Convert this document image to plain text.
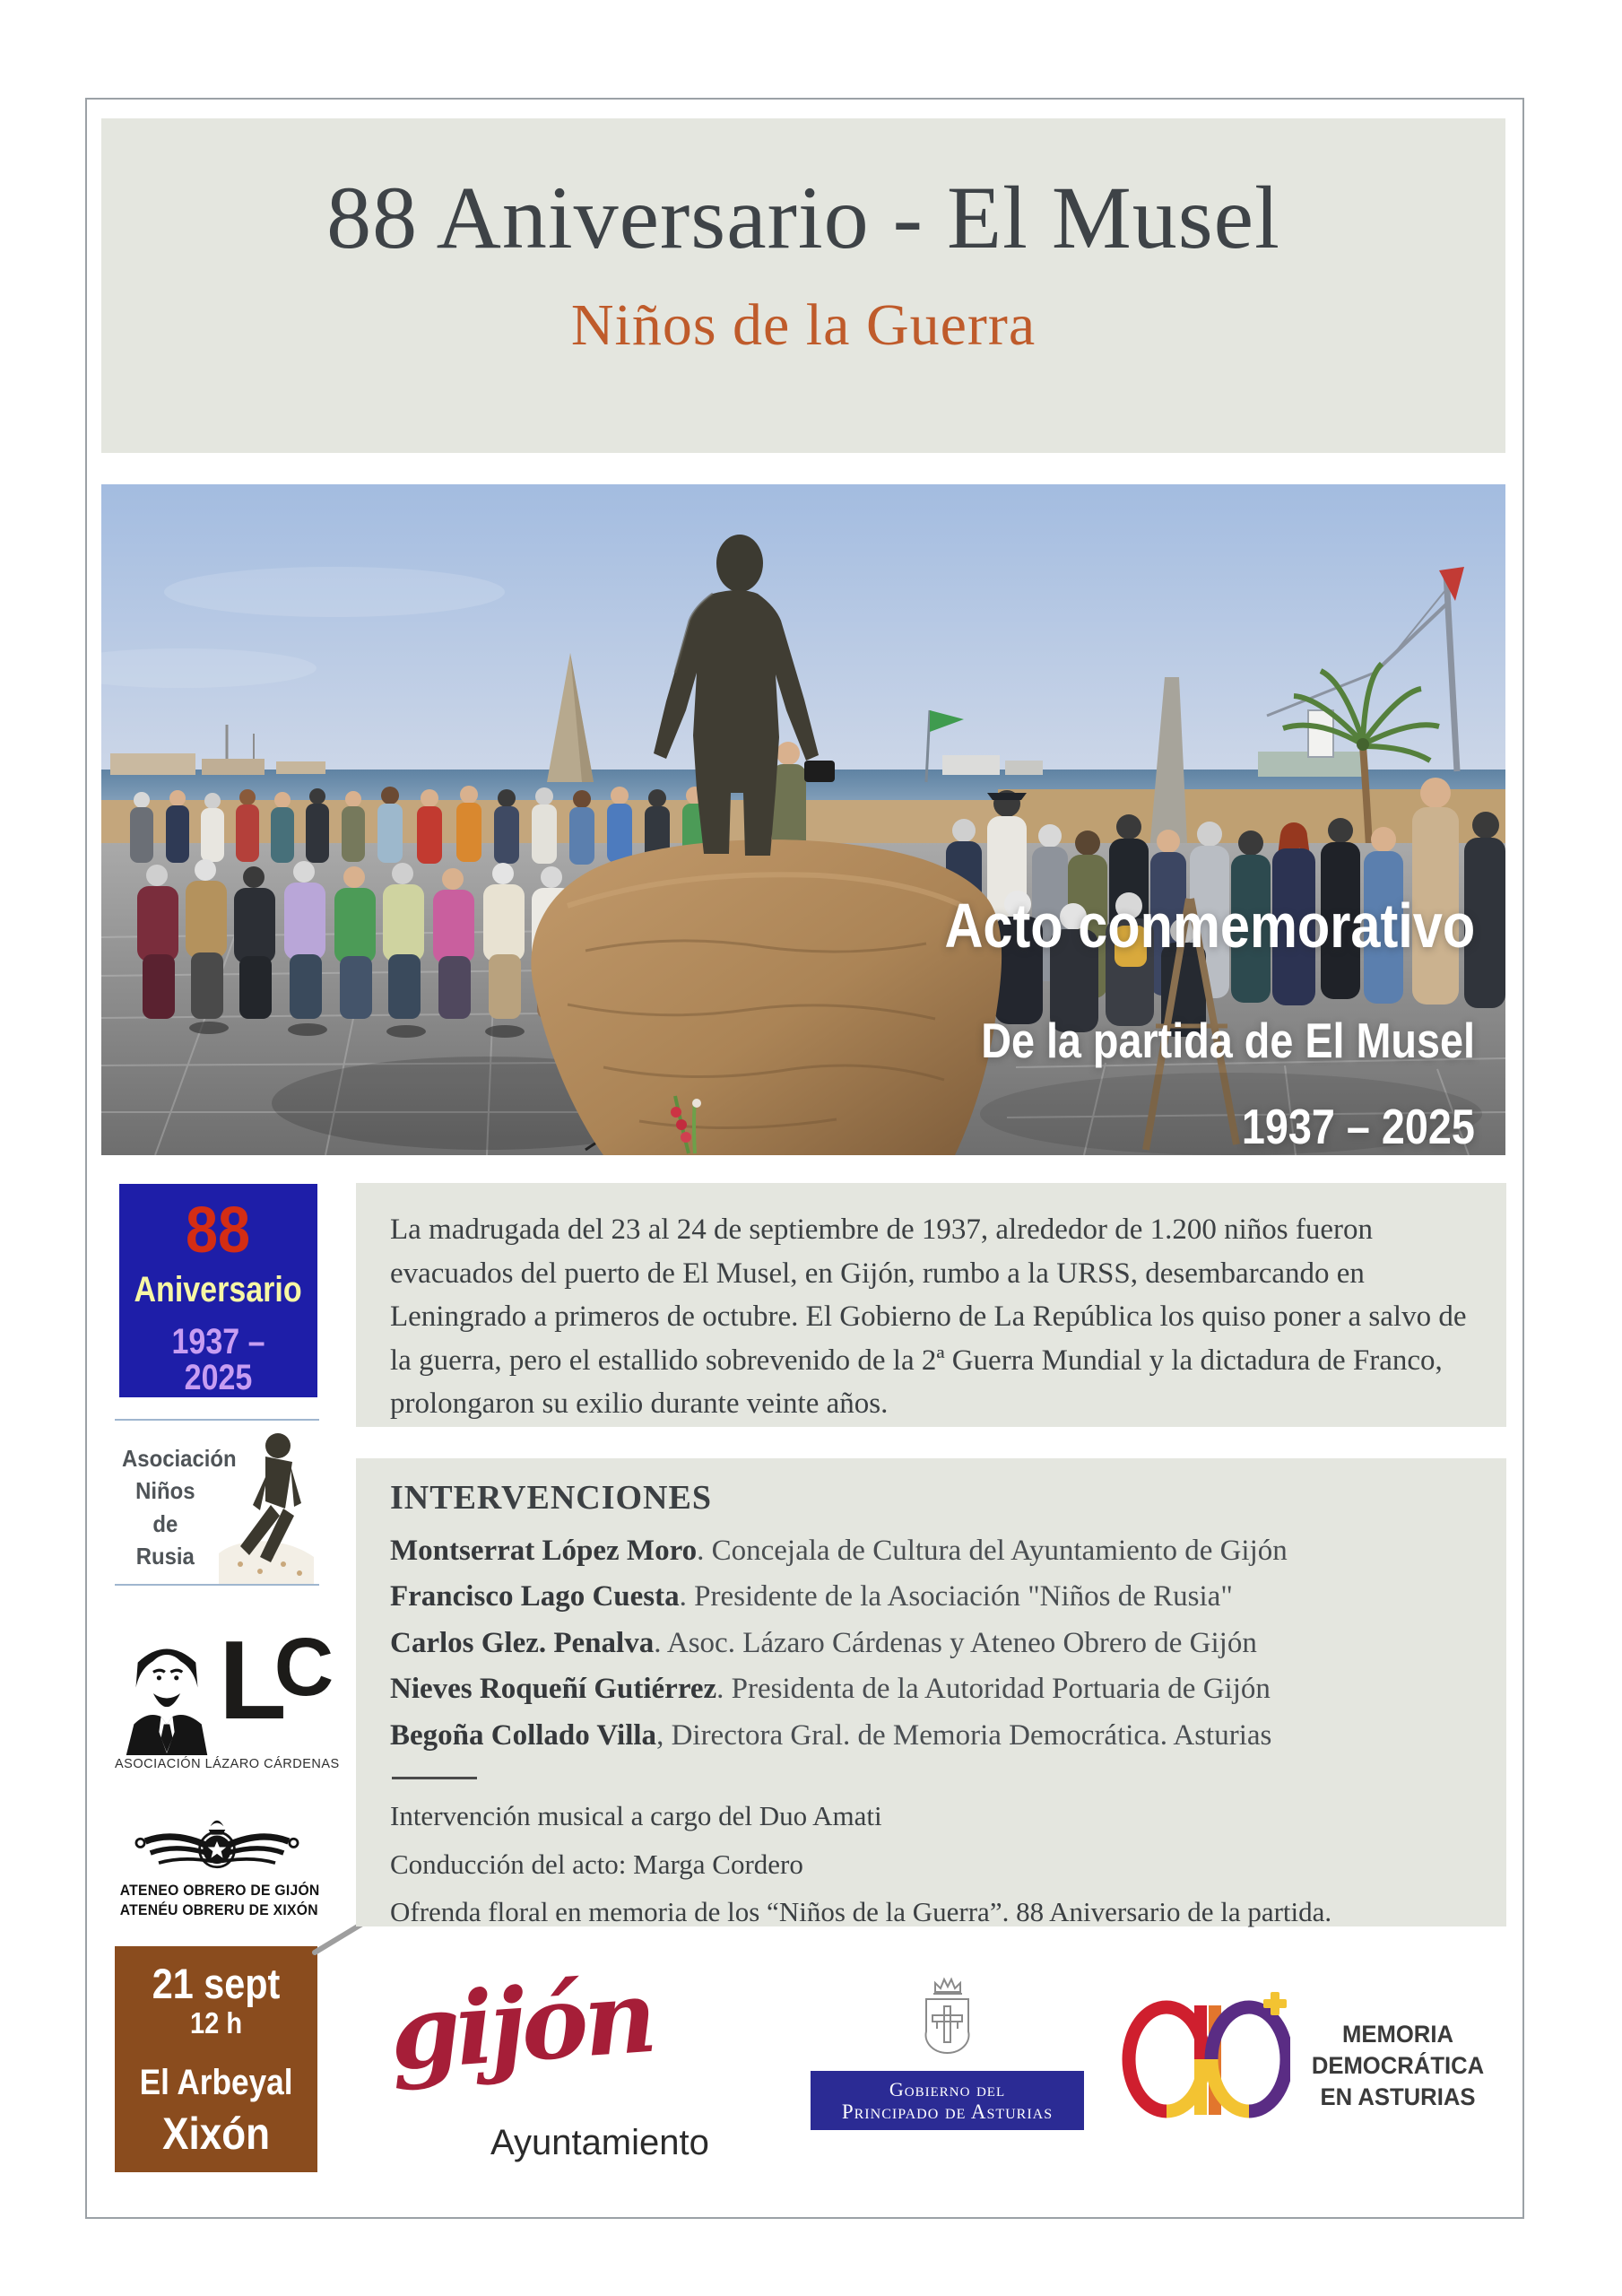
88 Aniversario - El Musel
Niños de la Guerra
Acto conmemorativo
De la partida de El Musel
1937 – 2025
88
Aniversario
1937 – 2025
Asociación
Niños de
Rusia
LC
ASOCIACIÓN LÁZARO CÁRDENAS
ATENEO OBRERO DE GIJÓN
ATENÉU OBRERU DE XIXÓN
21 sept
12 h
El Arbeyal
Xixón

La madrugada del 23 al 24 de septiembre de 1937, alrededor de 1.200 niños fueron evacuados del puerto de El Musel, en Gijón, rumbo a la URSS, desembarcando en Leningrado a primeros de octubre. El Gobierno de La República los quiso poner a salvo de la guerra, pero el estallido sobrevenido de la 2ª Guerra Mundial y la dictadura de Franco, prolongaron su exilio durante veinte años.

INTERVENCIONES
Montserrat López Moro. Concejala de Cultura del Ayuntamiento de Gijón
Francisco Lago Cuesta. Presidente de la Asociación "Niños de Rusia"
Carlos Glez. Penalva. Asoc. Lázaro Cárdenas y Ateneo Obrero de Gijón
Nieves Roqueñí Gutiérrez. Presidenta de la Autoridad Portuaria de Gijón
Begoña Collado Villa, Directora Gral. de Memoria Democrática. Asturias
Intervención musical a cargo del Duo Amati
Conducción del acto: Marga Cordero
Ofrenda floral en memoria de los “Niños de la Guerra”. 88 Aniversario de la partida.
gijón
Ayuntamiento
Gobierno del
Principado de Asturias
MEMORIA
DEMOCRÁTICA
EN ASTURIAS
